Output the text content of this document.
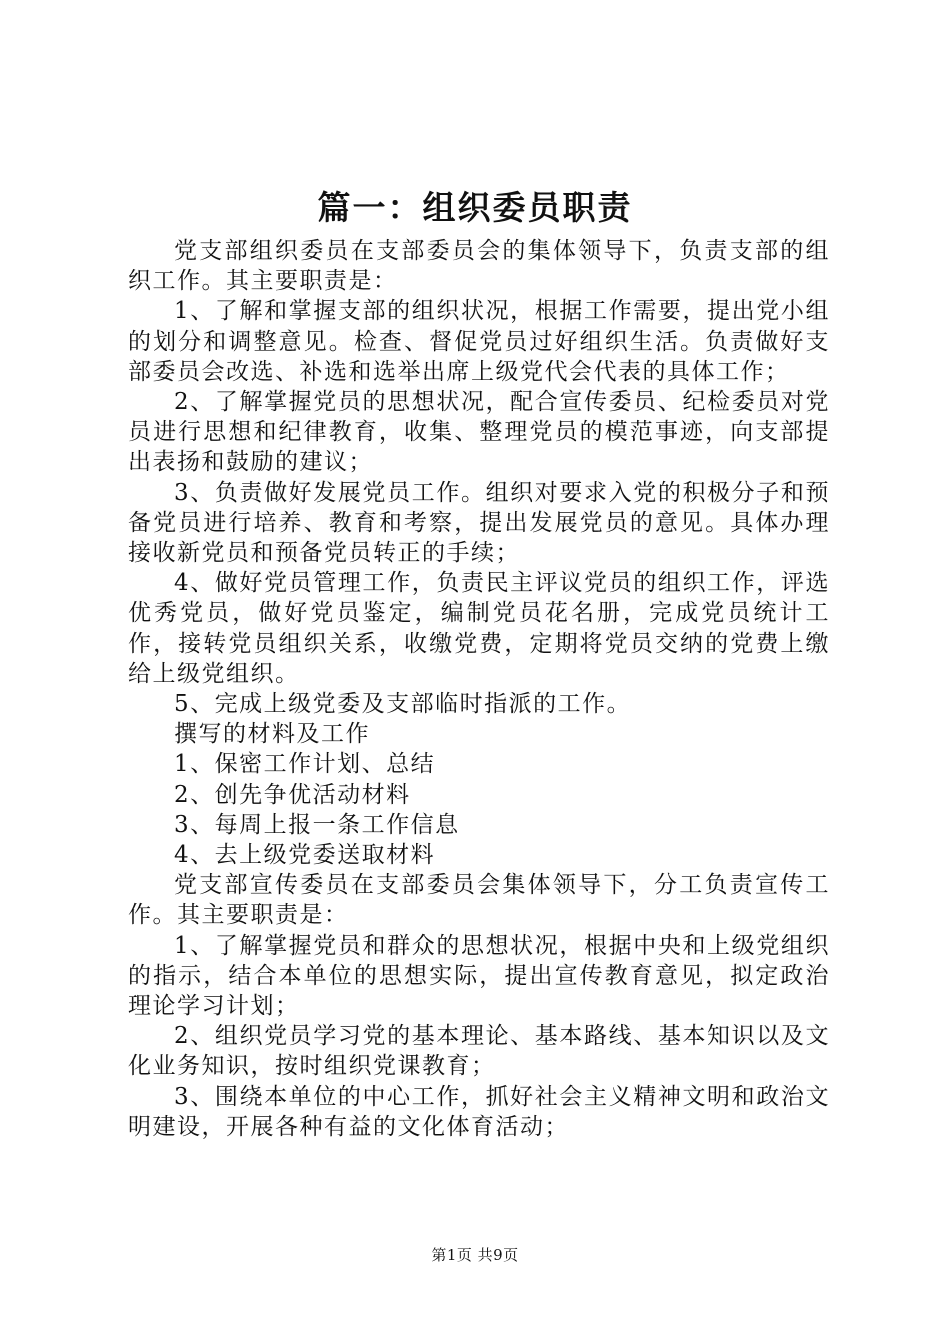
篇一：组织委员职责

党支部组织委员在支部委员会的集体领导下，负责支部的组织工作。其主要职责是：

1、了解和掌握支部的组织状况，根据工作需要，提出党小组的划分和调整意见。检查、督促党员过好组织生活。负责做好支部委员会改选、补选和选举出席上级党代会代表的具体工作；

2、了解掌握党员的思想状况，配合宣传委员、纪检委员对党员进行思想和纪律教育，收集、整理党员的模范事迹，向支部提出表扬和鼓励的建议；

3、负责做好发展党员工作。组织对要求入党的积极分子和预备党员进行培养、教育和考察，提出发展党员的意见。具体办理接收新党员和预备党员转正的手续；

4、做好党员管理工作，负责民主评议党员的组织工作，评选优秀党员，做好党员鉴定，编制党员花名册，完成党员统计工作，接转党员组织关系，收缴党费，定期将党员交纳的党费上缴给上级党组织。

5、完成上级党委及支部临时指派的工作。

撰写的材料及工作

1、保密工作计划、总结

2、创先争优活动材料

3、每周上报一条工作信息

4、去上级党委送取材料

党支部宣传委员在支部委员会集体领导下，分工负责宣传工作。其主要职责是：

1、了解掌握党员和群众的思想状况，根据中央和上级党组织的指示，结合本单位的思想实际，提出宣传教育意见，拟定政治理论学习计划；

2、组织党员学习党的基本理论、基本路线、基本知识以及文化业务知识，按时组织党课教育；

3、围绕本单位的中心工作，抓好社会主义精神文明和政治文明建设，开展各种有益的文化体育活动；

第1页 共9页
